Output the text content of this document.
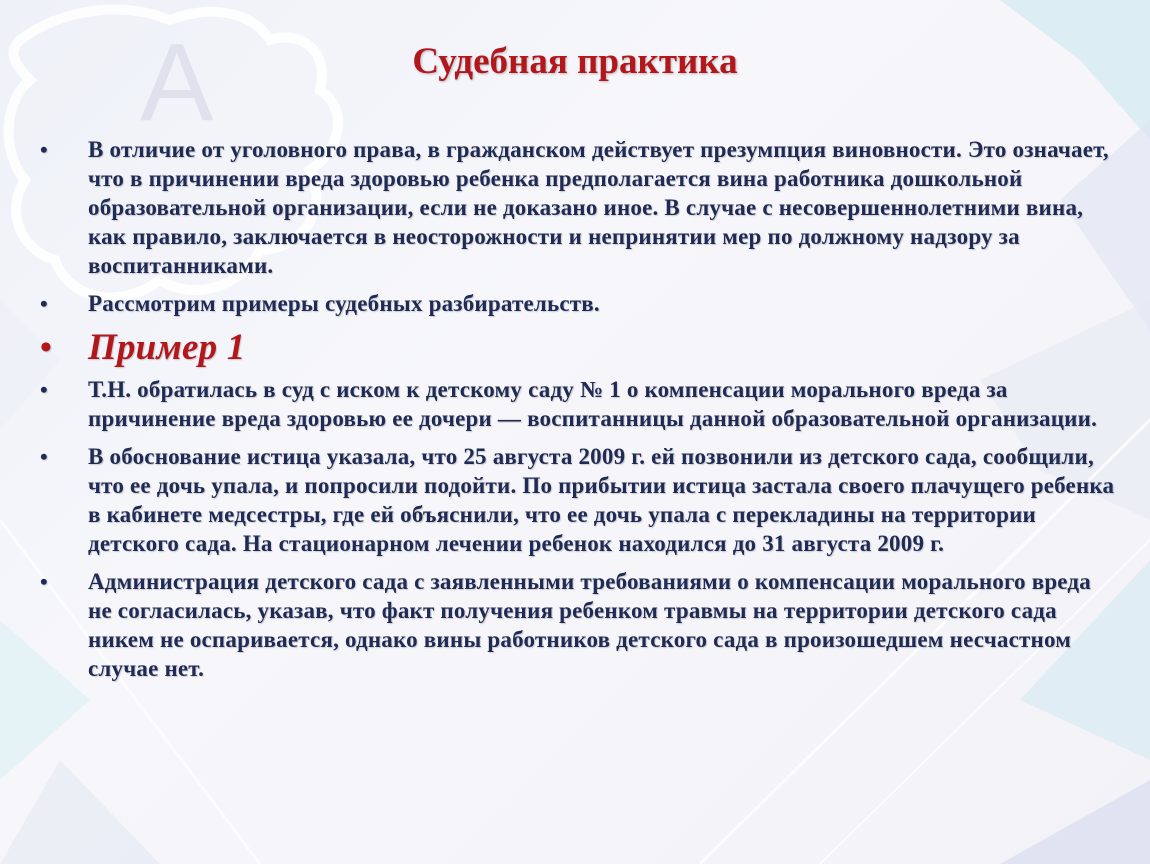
A	Судебная практика
•	В отличие от уголовного права, в гражданском действует презумпция виновности. Это означает, что в причинении вреда здоровью ребенка предполагается вина работника дошкольной образовательной организации, если не доказано иное. В случае с несовершеннолетними вина, как правило, заключается в неосторожности и непринятии мер по должному надзору за воспитанниками.
•	Рассмотрим примеры судебных разбирательств.
• Пример 1
•	Т.Н. обратилась в суд с иском к детскому саду № 1 о компенсации морального вреда за причинение вреда здоровью ее дочери — воспитанницы данной образовательной организации.
•	В обоснование истица указала, что 25 августа 2009 г. ей позвонили из детского сада, сообщили, что ее дочь упала, и попросили подойти. По прибытии истица застала своего плачущего ребенка в кабинете медсестры, где ей объяснили, что ее дочь упала с перекладины на территории детского сада. На стационарном лечении ребенок находился до 31 августа 2009 г.
•	Администрация детского сада с заявленными требованиями о компенсации морального вреда не согласилась, указав, что факт получения ребенком травмы на территории детского сада никем не оспаривается, однако вины работников детского сада в произошедшем несчастном случае нет.
